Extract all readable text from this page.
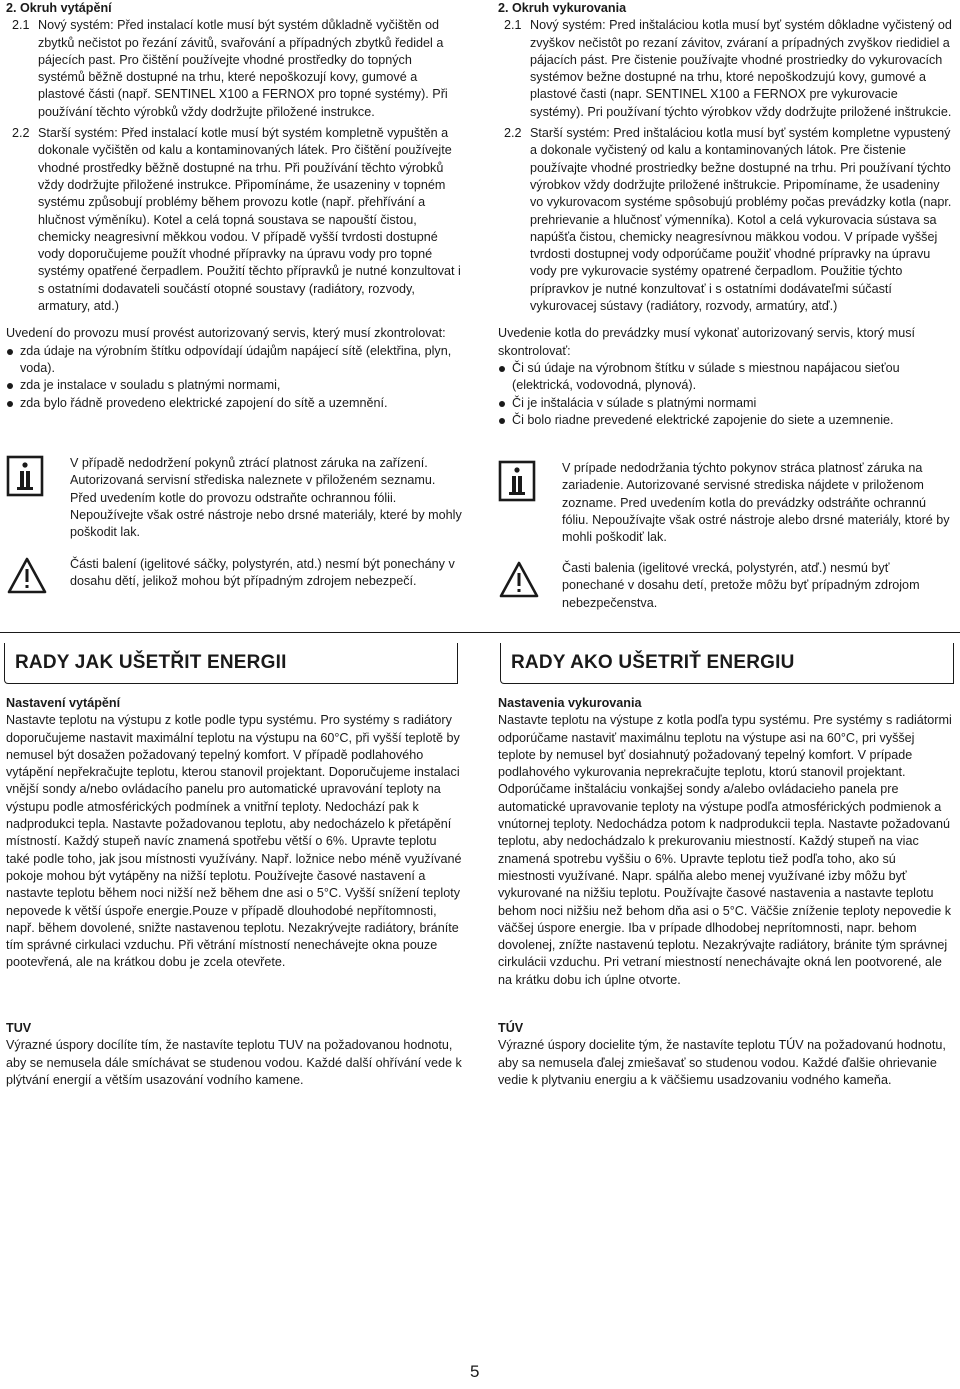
2. Okruh vytápění

2.1 Nový systém: Před instalací kotle musí být systém důkladně vyčištěn od zbytků nečistot po řezání závitů, svařování a případných zbytků ředidel a pájecích past. Pro čištění používejte vhodné prostředky do topných systémů běžně dostupné na trhu, které nepoškozují kovy, gumové a plastové části (např. SENTINEL X100 a FERNOX pro topné systémy). Při používání těchto výrobků vždy dodržujte přiložené instrukce.
2.2 Starší systém: Před instalací kotle musí být systém kompletně vypuštěn a dokonale vyčištěn od kalu a kontaminovaných látek. Pro čištění používejte vhodné prostředky běžně dostupné na trhu. Při používání těchto výrobků vždy dodržujte přiložené instrukce. Připomínáme, že usazeniny v topném systému způsobují problémy během provozu kotle (např. přehřívání a hlučnost výměníku). Kotel a celá topná soustava se napouští čistou, chemicky neagresivní měkkou vodou. V případě vyšší tvrdosti dostupné vody doporučujeme použít vhodné přípravky na úpravu vody pro topné systémy opatřené čerpadlem. Použití těchto přípravků je nutné konzultovat i s ostatními dodavateli součástí otopné soustavy (radiátory, rozvody, armatury, atd.)

Uvedení do provozu musí provést autorizovaný servis, který musí zkontrolovat:

zda údaje na výrobním štítku odpovídají údajům napájecí sítě (elektřina, plyn, voda).
zda je instalace v souladu s platnými normami,
zda bylo řádně provedeno elektrické zapojení do sítě a uzemnění.

V případě nedodržení pokynů ztrácí platnost záruka na zařízení. Autorizovaná servisní střediska naleznete v přiloženém seznamu. Před uvedením kotle do provozu odstraňte ochrannou fólii. Nepoužívejte však ostré nástroje nebo drsné materiály, které by mohly poškodit lak.

Části balení (igelitové sáčky, polystyrén, atd.) nesmí být ponechány v dosahu dětí, jelikož mohou být případným zdrojem nebezpečí.

Nastavení vytápění

Nastavte teplotu na výstupu z kotle podle typu systému. Pro systémy s radiátory doporučujeme nastavit maximální teplotu na výstupu na 60°C, při vyšší teplotě by nemusel být dosažen požadovaný tepelný komfort. V případě podlahového vytápění nepřekračujte teplotu, kterou stanovil projektant. Doporučujeme instalaci vnější sondy a/nebo ovládacího panelu pro automatické upravování teploty na výstupu podle atmosférických podmínek a vnitřní teploty. Nedochází pak k nadprodukci tepla. Nastavte požadovanou teplotu, aby nedocházelo k přetápění místností. Každý stupeň navíc znamená spotřebu větší o 6%. Upravte teplotu také podle toho, jak jsou místnosti využívány. Např. ložnice nebo méně využívané pokoje mohou být vytápěny na nižší teplotu. Používejte časové nastavení a nastavte teplotu během noci nižší než během dne asi o 5°C. Vyšší snížení teploty nepovede k větší úspoře energie.Pouze v případě dlouhodobé nepřítomnosti, např. během dovolené, snižte nastavenou teplotu. Nezakrývejte radiátory, bráníte tím správné cirkulaci vzduchu. Při větrání místností nenechávejte okna pouze pootevřená, ale na krátkou dobu je zcela otevřete.

TUV

Výrazné úspory docílíte tím, že nastavíte teplotu TUV na požadovanou hodnotu, aby se nemusela dále smíchávat se studenou vodou. Každé další ohřívání vede k plýtvání energií a větším usazování vodního kamene.

2. Okruh vykurovania

2.1 Nový systém: Pred inštaláciou kotla musí byť systém dôkladne vyčistený od zvyškov nečistôt po rezaní závitov, zváraní a prípadných zvyškov riedidiel a pájacích pást. Pre čistenie používajte vhodné prostriedky do vykurovacích systémov bežne dostupné na trhu, ktoré nepoškodzujú kovy, gumové a plastové časti (napr. SENTINEL X100 a FERNOX pre vykurovacie systémy). Pri používaní týchto výrobkov vždy dodržujte priložené inštrukcie.
2.2 Starší systém: Pred inštaláciou kotla musí byť systém kompletne vypustený a dokonale vyčistený od kalu a kontaminovaných látok. Pre čistenie používajte vhodné prostriedky bežne dostupné na trhu. Pri používaní týchto výrobkov vždy dodržujte priložené inštrukcie. Pripomíname, že usadeniny vo vykurovacom systéme spôsobujú problémy počas prevádzky kotla (napr. prehrievanie a hlučnosť výmenníka). Kotol a celá vykurovacia sústava sa napúšťa čistou, chemicky neagresívnou mäkkou vodou. V prípade vyššej tvrdosti dostupnej vody odporúčame použiť vhodné prípravky na úpravu vody pre vykurovacie systémy opatrené čerpadlom. Použitie týchto prípravkov je nutné konzultovať i s ostatními dodávateľmi súčastí vykurovacej sústavy (radiátory, rozvody, armatúry, atď.)

Uvedenie kotla do prevádzky musí vykonať autorizovaný servis, ktorý musí skontrolovať:

Či sú údaje na výrobnom štítku v súlade s miestnou napájacou sieťou (elektrická, vodovodná, plynová).
Či je inštalácia v súlade s platnými normami
Či bolo riadne prevedené elektrické zapojenie do siete a uzemnenie.

V prípade nedodržania týchto pokynov stráca platnosť záruka na zariadenie. Autorizované servisné strediska nájdete v priloženom zozname. Pred uvedením kotla do prevádzky odstráňte ochrannú fóliu. Nepoužívajte však ostré nástroje alebo drsné materiály, ktoré by mohli poškodiť lak.

Časti balenia (igelitové vrecká, polystyrén, atď.) nesmú byť ponechané v dosahu detí, pretože môžu byť prípadným zdrojom nebezpečenstva.

Nastavenia vykurovania

Nastavte teplotu na výstupe z kotla podľa typu systému. Pre systémy s radiátormi odporúčame nastaviť maximálnu teplotu na výstupe asi na 60°C, pri vyššej teplote by nemusel byť dosiahnutý požadovaný tepelný komfort. V prípade podlahového vykurovania neprekračujte teplotu, ktorú stanovil projektant. Odporúčame inštaláciu vonkajšej sondy a/alebo ovládacieho panela pre automatické upravovanie teploty na výstupe podľa atmosférických podmienok a vnútornej teploty. Nedochádza potom k nadprodukcii tepla. Nastavte požadovanú teplotu, aby nedochádzalo k prekurovaniu miestností. Každý stupeň na viac znamená spotrebu vyššiu o 6%. Upravte teplotu tiež podľa toho, ako sú miestnosti využívané. Napr. spálňa alebo menej využívané izby môžu byť vykurované na nižšiu teplotu. Používajte časové nastavenia a nastavte teplotu behom noci nižšiu než behom dňa asi o 5°C. Väčšie zníženie teploty nepovedie k väčšej úspore energie. Iba v prípade dlhodobej neprítomnosti, napr. behom dovolenej, znížte nastavenú teplotu. Nezakrývajte radiátory, bránite tým správnej cirkulácii vzduchu. Pri vetraní miestností nenechávajte okná len pootvorené, ale na krátku dobu ich úplne otvorte.

TÚV

Výrazné úspory docielite tým, že nastavíte teplotu TÚV na požadovanú hodnotu, aby sa nemusela ďalej zmiešavať so studenou vodou. Každé ďalšie ohrievanie vedie k plytvaniu energiu a k väčšiemu usadzovaniu vodného kameňa.

RADY JAK UŠETŘIT ENERGII	RADY AKO UŠETRIŤ ENERGIU
5
